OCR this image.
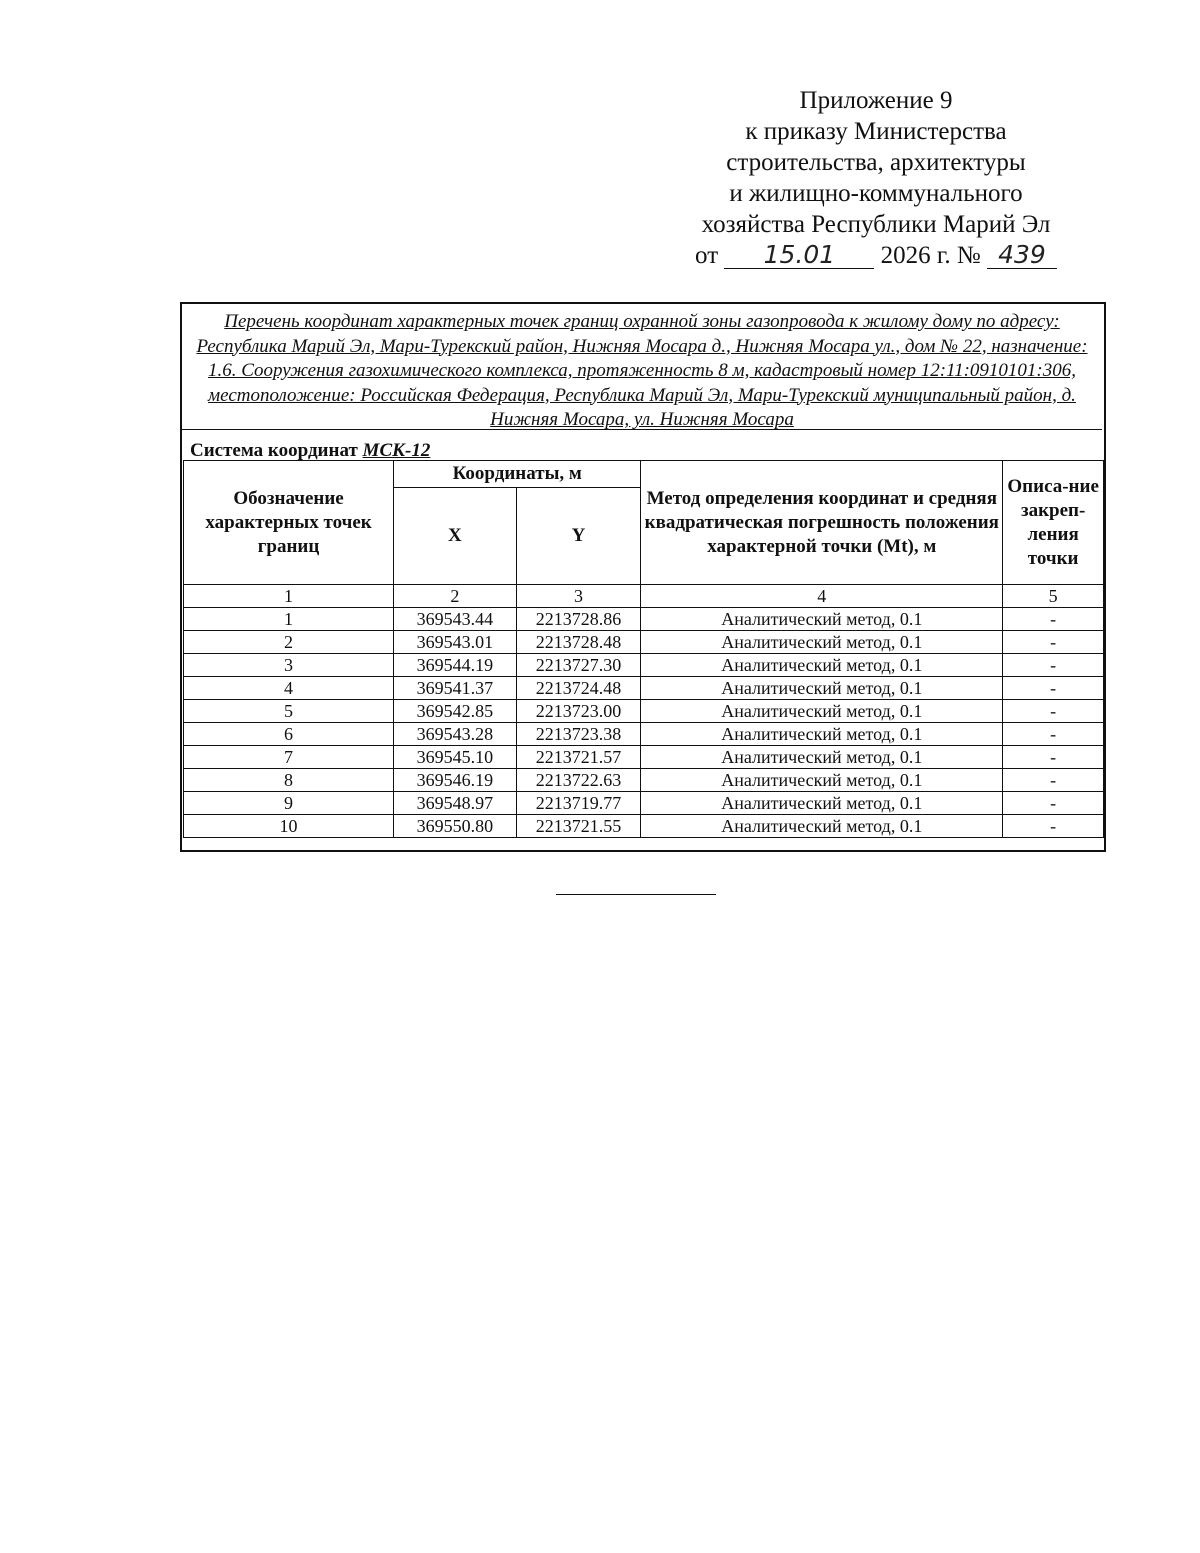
Приложение 9
к приказу Министерства
строительства, архитектуры
и жилищно-коммунального
хозяйства Республики Марий Эл
от 15.01 2026 г. № 439
Перечень координат характерных точек границ охранной зоны газопровода к жилому дому по адресу: Республика Марий Эл, Мари-Турекский район, Нижняя Мосара д., Нижняя Мосара ул., дом № 22, назначение: 1.6. Сооружения газохимического комплекса, протяженность 8 м, кадастровый номер 12:11:0910101:306, местоположение: Российская Федерация, Республика Марий Эл, Мари-Турекский муниципальный район, д. Нижняя Мосара, ул. Нижняя Мосара
Система координат МСК-12
Обозначение характерных точек границ	Координаты, м		Метод определения координат и средняя квадратическая погрешность положения характерной точки (Mt), м	Описа-ние закреп-ления точки
	X	Y		
1	2	3	4	5
1	369543.44	2213728.86	Аналитический метод, 0.1	-
2	369543.01	2213728.48	Аналитический метод, 0.1	-
3	369544.19	2213727.30	Аналитический метод, 0.1	-
4	369541.37	2213724.48	Аналитический метод, 0.1	-
5	369542.85	2213723.00	Аналитический метод, 0.1	-
6	369543.28	2213723.38	Аналитический метод, 0.1	-
7	369545.10	2213721.57	Аналитический метод, 0.1	-
8	369546.19	2213722.63	Аналитический метод, 0.1	-
9	369548.97	2213719.77	Аналитический метод, 0.1	-
10	369550.80	2213721.55	Аналитический метод, 0.1	-
